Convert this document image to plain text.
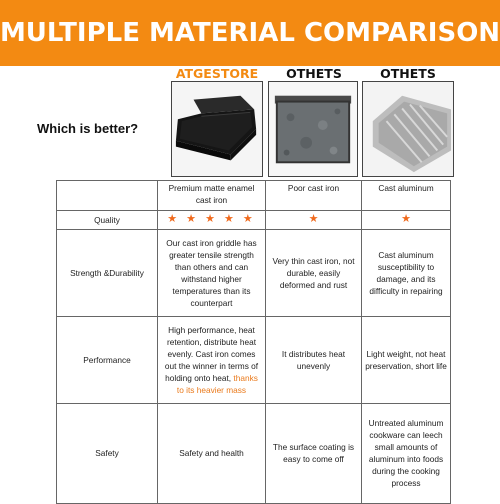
MULTIPLE MATERIAL COMPARISON
ATGESTORE	OTHETS	OTHETS
Which is better?
	Premium matte enamel cast iron	Poor cast iron	Cast aluminum
Quality	★ ★ ★ ★ ★	★	★
Strength &Durability	Our cast iron griddle has greater tensile strength than others and can withstand higher temperatures than its counterpart	Very thin cast iron, not durable, easily deformed and rust	Cast aluminum susceptibility to damage, and its difficulty in repairing
Performance	High performance, heat retention, distribute heat evenly. Cast iron comes out the winner in terms of holding onto heat, thanks to its heavier mass	It distributes heat unevenly	Light weight, not heat preservation, short life
Safety	Safety and health	The surface coating is easy to come off	Untreated aluminum cookware can leech small amounts of aluminum into foods during the cooking process
